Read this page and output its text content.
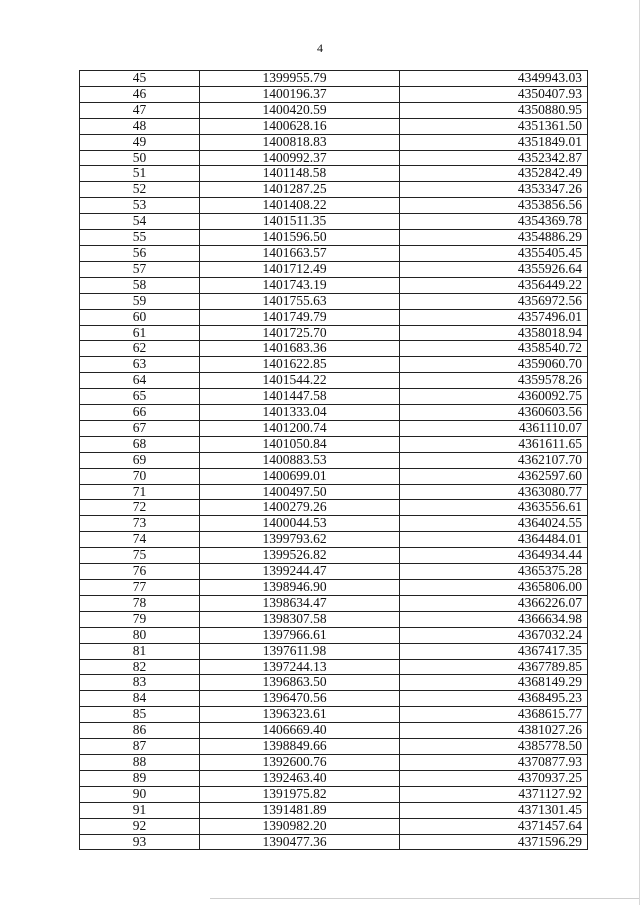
4
45	1399955.79	4349943.03
46	1400196.37	4350407.93
47	1400420.59	4350880.95
48	1400628.16	4351361.50
49	1400818.83	4351849.01
50	1400992.37	4352342.87
51	1401148.58	4352842.49
52	1401287.25	4353347.26
53	1401408.22	4353856.56
54	1401511.35	4354369.78
55	1401596.50	4354886.29
56	1401663.57	4355405.45
57	1401712.49	4355926.64
58	1401743.19	4356449.22
59	1401755.63	4356972.56
60	1401749.79	4357496.01
61	1401725.70	4358018.94
62	1401683.36	4358540.72
63	1401622.85	4359060.70
64	1401544.22	4359578.26
65	1401447.58	4360092.75
66	1401333.04	4360603.56
67	1401200.74	4361110.07
68	1401050.84	4361611.65
69	1400883.53	4362107.70
70	1400699.01	4362597.60
71	1400497.50	4363080.77
72	1400279.26	4363556.61
73	1400044.53	4364024.55
74	1399793.62	4364484.01
75	1399526.82	4364934.44
76	1399244.47	4365375.28
77	1398946.90	4365806.00
78	1398634.47	4366226.07
79	1398307.58	4366634.98
80	1397966.61	4367032.24
81	1397611.98	4367417.35
82	1397244.13	4367789.85
83	1396863.50	4368149.29
84	1396470.56	4368495.23
85	1396323.61	4368615.77
86	1406669.40	4381027.26
87	1398849.66	4385778.50
88	1392600.76	4370877.93
89	1392463.40	4370937.25
90	1391975.82	4371127.92
91	1391481.89	4371301.45
92	1390982.20	4371457.64
93	1390477.36	4371596.29
